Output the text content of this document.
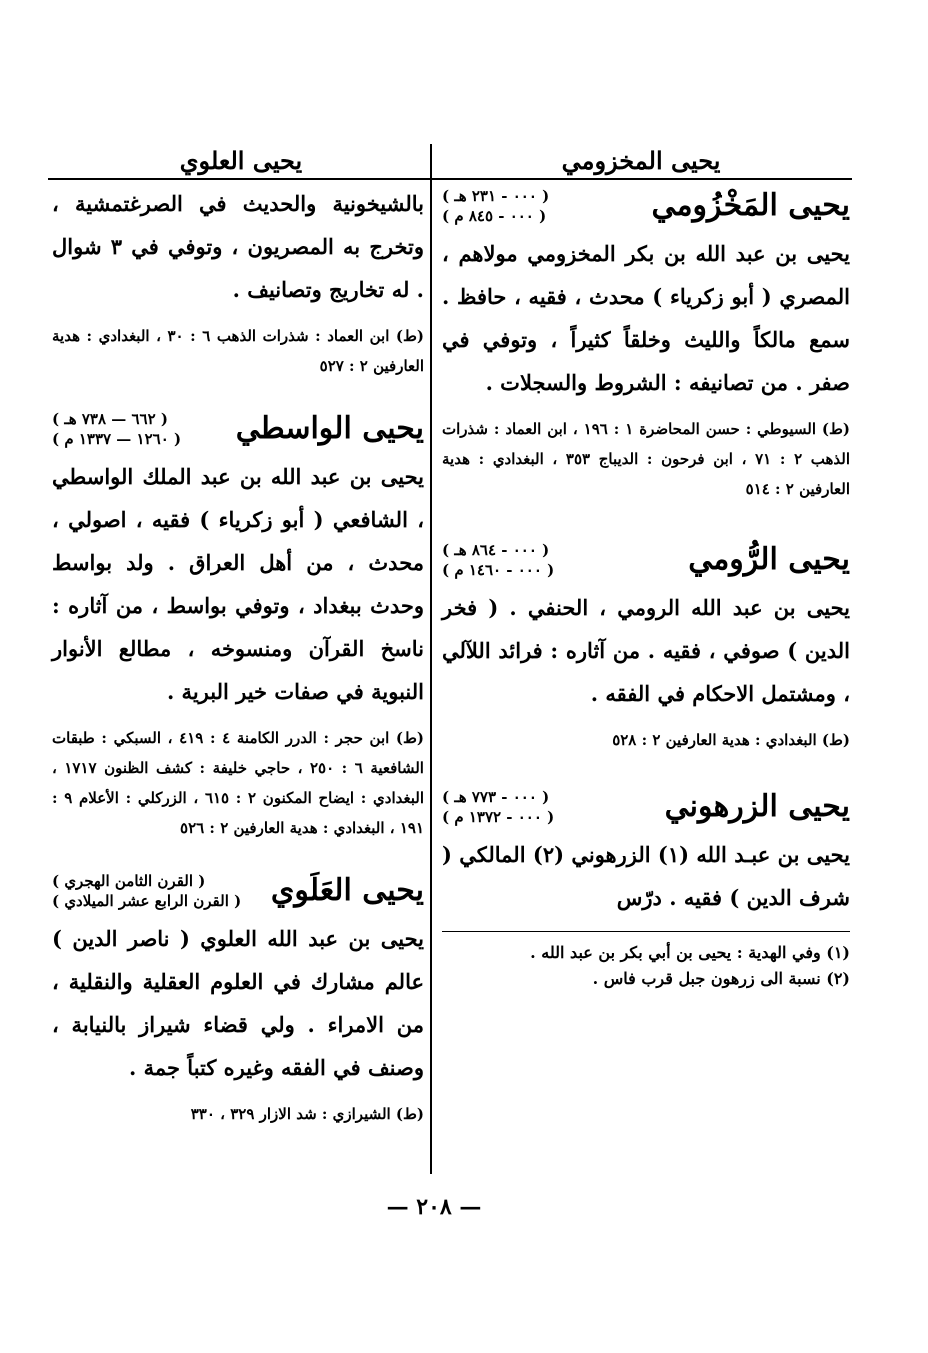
يحيى المخزومي
يحيى العلوي
يحيى المَخْزُومي
( ٠٠٠ - ٢٣١ هـ )
( ٠٠٠ - ٨٤٥ م )

يحيى بن عبد الله بن بكر المخزومي مولاهم ، المصري ( أبو زكرياء ) محدث ، فقيه ، حافظ . سمع مالكاً والليث وخلقاً كثيراً ، وتوفي في صفر . من تصانيفه : الشروط والسجلات .

(ط) السيوطي : حسن المحاضرة ١ : ١٩٦ ، ابن العماد : شذرات الذهب ٢ : ٧١ ، ابن فرحون : الديباج ٣٥٣ ، البغدادي : هدية العارفين ٢ : ٥١٤

يحيى الرُّومي
( ٠٠٠ - ٨٦٤ هـ )
( ٠٠٠ - ١٤٦٠ م )

يحيى بن عبد الله الرومي ، الحنفي . ( فخر الدين ) صوفي ، فقيه . من آثاره : فرائد اللآلي ، ومشتمل الاحكام في الفقه .

(ط) البغدادي : هدية العارفين ٢ : ٥٢٨

يحيى الزرهوني
( ٠٠٠ - ٧٧٣ هـ )
( ٠٠٠ - ١٣٧٢ م )

يحيى بن عبـد الله (١) الزرهوني (٢) المالكي ( شرف الدين ) فقيه . درّس

(١) وفي الهدية : يحيى بن أبي بكر بن عبد الله .
(٢) نسبة الى زرهون جبل قرب فاس .

بالشيخونية والحديث في الصرغتمشية ، وتخرج به المصريون ، وتوفي في ٣ شوال . له تخاريج وتصانيف .

(ط) ابن العماد : شذرات الذهب ٦ : ٣٠ ، البغدادي : هدية العارفين ٢ : ٥٢٧

يحيى الواسطي
( ٦٦٢ — ٧٣٨ هـ )
( ١٢٦٠ — ١٣٣٧ م )

يحيى بن عبد الله بن عبد الملك الواسطي ، الشافعي ( أبو زكرياء ) فقيه ، اصولي ، محدث ، من أهل العراق . ولد بواسط وحدث ببغداد ، وتوفي بواسط ، من آثاره : ناسخ القرآن ومنسوخه ، مطالع الأنوار النبوية في صفات خير البرية .

(ط) ابن حجر : الدرر الكامنة ٤ : ٤١٩ ، السبكي : طبقات الشافعية ٦ : ٢٥٠ ، حاجي خليفة : كشف الظنون ١٧١٧ ، البغدادي : ايضاح المكنون ٢ : ٦١٥ ، الزركلي : الأعلام ٩ : ١٩١ ، البغدادي : هدية العارفين ٢ : ٥٢٦

يحيى العَلَوي
( القرن الثامن الهجري )
( القرن الرابع عشر الميلادي )

يحيى بن عبد الله العلوي ( ناصر الدين ) عالم مشارك في العلوم العقلية والنقلية ، من الامراء . ولي قضاء شيراز بالنيابة ، وصنف في الفقه وغيره كتباً جمة .

(ط) الشيرازي : شد الازار ٣٢٩ ، ٣٣٠

— ٢٠٨ —
